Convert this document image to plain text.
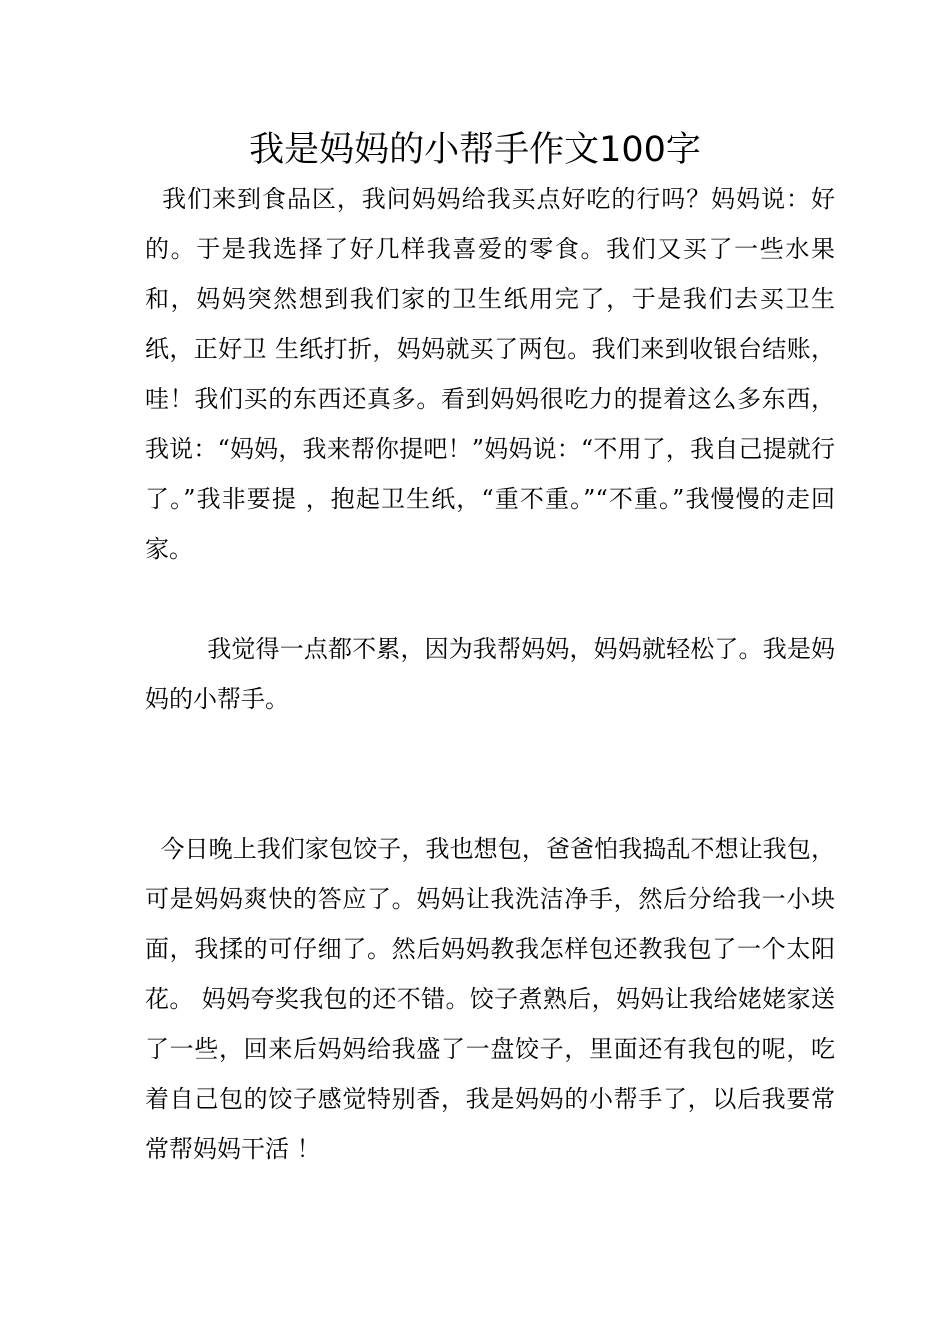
我是妈妈的小帮手作文100字

我们来到食品区，我问妈妈给我买点好吃的行吗？妈妈说：好的。于是我选择了好几样我喜爱的零食。我们又买了一些水果和，妈妈突然想到我们家的卫生纸用完了，于是我们去买卫生纸，正好卫 生纸打折，妈妈就买了两包。我们来到收银台结账，哇！我们买的东西还真多。看到妈妈很吃力的提着这么多东西，我说：“妈妈，我来帮你提吧！”妈妈说：“不用了，我自己提就行了。”我非要提 ，抱起卫生纸，“重不重。”“不重。”我慢慢的走回家。

我觉得一点都不累，因为我帮妈妈，妈妈就轻松了。我是妈妈的小帮手。

今日晚上我们家包饺子，我也想包，爸爸怕我捣乱不想让我包，可是妈妈爽快的答应了。妈妈让我洗洁净手，然后分给我一小块面，我揉的可仔细了。然后妈妈教我怎样包还教我包了一个太阳花。 妈妈夸奖我包的还不错。饺子煮熟后，妈妈让我给姥姥家送了一些，回来后妈妈给我盛了一盘饺子，里面还有我包的呢，吃着自己包的饺子感觉特别香，我是妈妈的小帮手了，以后我要常常帮妈妈干活 ！
